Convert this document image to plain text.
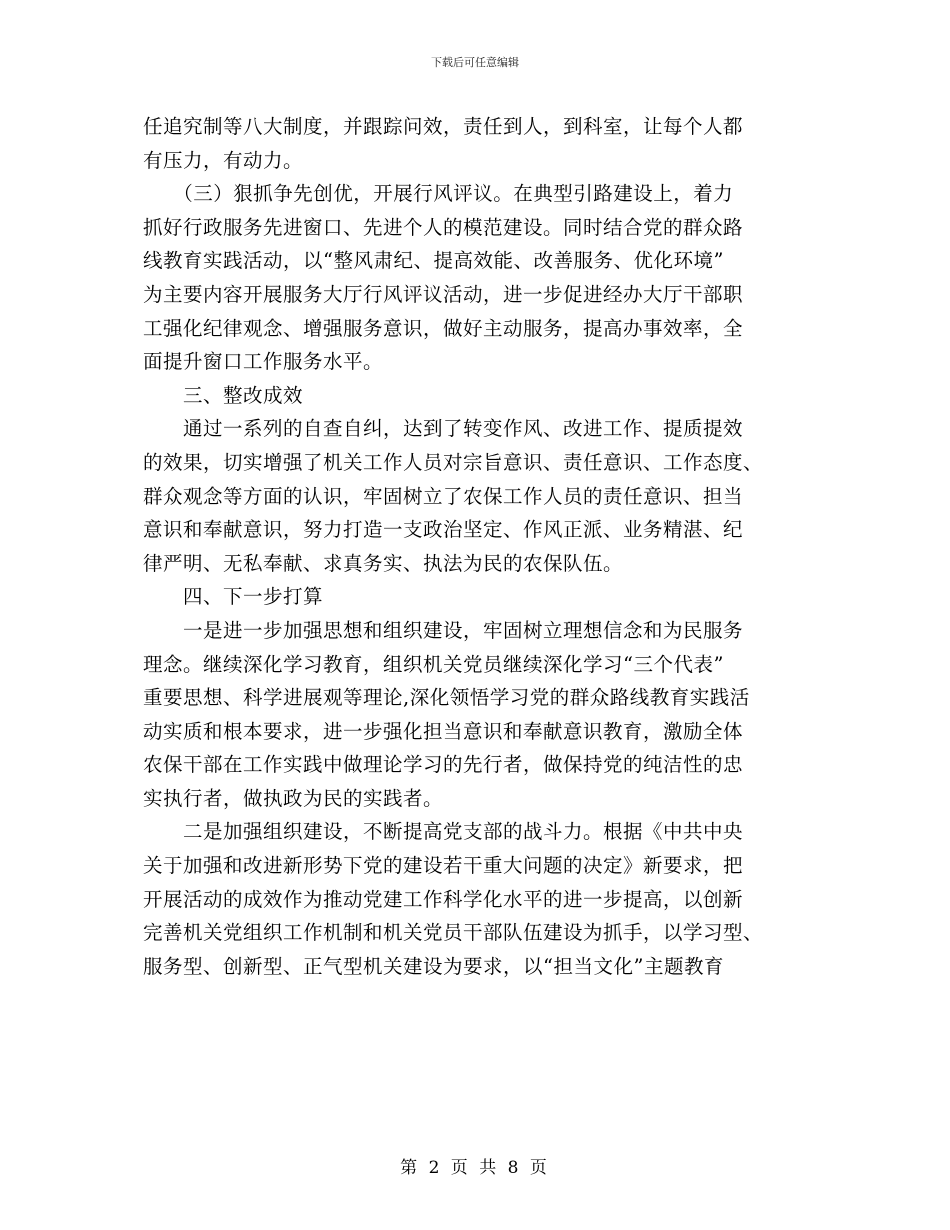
下载后可任意编辑
任追究制等八大制度，并跟踪问效，责任到人，到科室，让每个人都
有压力，有动力。
　　（三）狠抓争先创优，开展行风评议。在典型引路建设上，着力
抓好行政服务先进窗口、先进个人的模范建设。同时结合党的群众路
线教育实践活动，以“整风肃纪、提高效能、改善服务、优化环境”
为主要内容开展服务大厅行风评议活动，进一步促进经办大厅干部职
工强化纪律观念、增强服务意识，做好主动服务，提高办事效率，全
面提升窗口工作服务水平。
　　三、整改成效
　　通过一系列的自查自纠，达到了转变作风、改进工作、提质提效
的效果，切实增强了机关工作人员对宗旨意识、责任意识、工作态度、
群众观念等方面的认识，牢固树立了农保工作人员的责任意识、担当
意识和奉献意识，努力打造一支政治坚定、作风正派、业务精湛、纪
律严明、无私奉献、求真务实、执法为民的农保队伍。
　　四、下一步打算
　　一是进一步加强思想和组织建设，牢固树立理想信念和为民服务
理念。继续深化学习教育，组织机关党员继续深化学习“三个代表”
重要思想、科学进展观等理论,深化领悟学习党的群众路线教育实践活
动实质和根本要求，进一步强化担当意识和奉献意识教育，激励全体
农保干部在工作实践中做理论学习的先行者，做保持党的纯洁性的忠
实执行者，做执政为民的实践者。
　　二是加强组织建设，不断提高党支部的战斗力。根据《中共中央
关于加强和改进新形势下党的建设若干重大问题的决定》新要求，把
开展活动的成效作为推动党建工作科学化水平的进一步提高，以创新
完善机关党组织工作机制和机关党员干部队伍建设为抓手，以学习型、
服务型、创新型、正气型机关建设为要求，以“担当文化”主题教育
第 2 页 共 8 页
